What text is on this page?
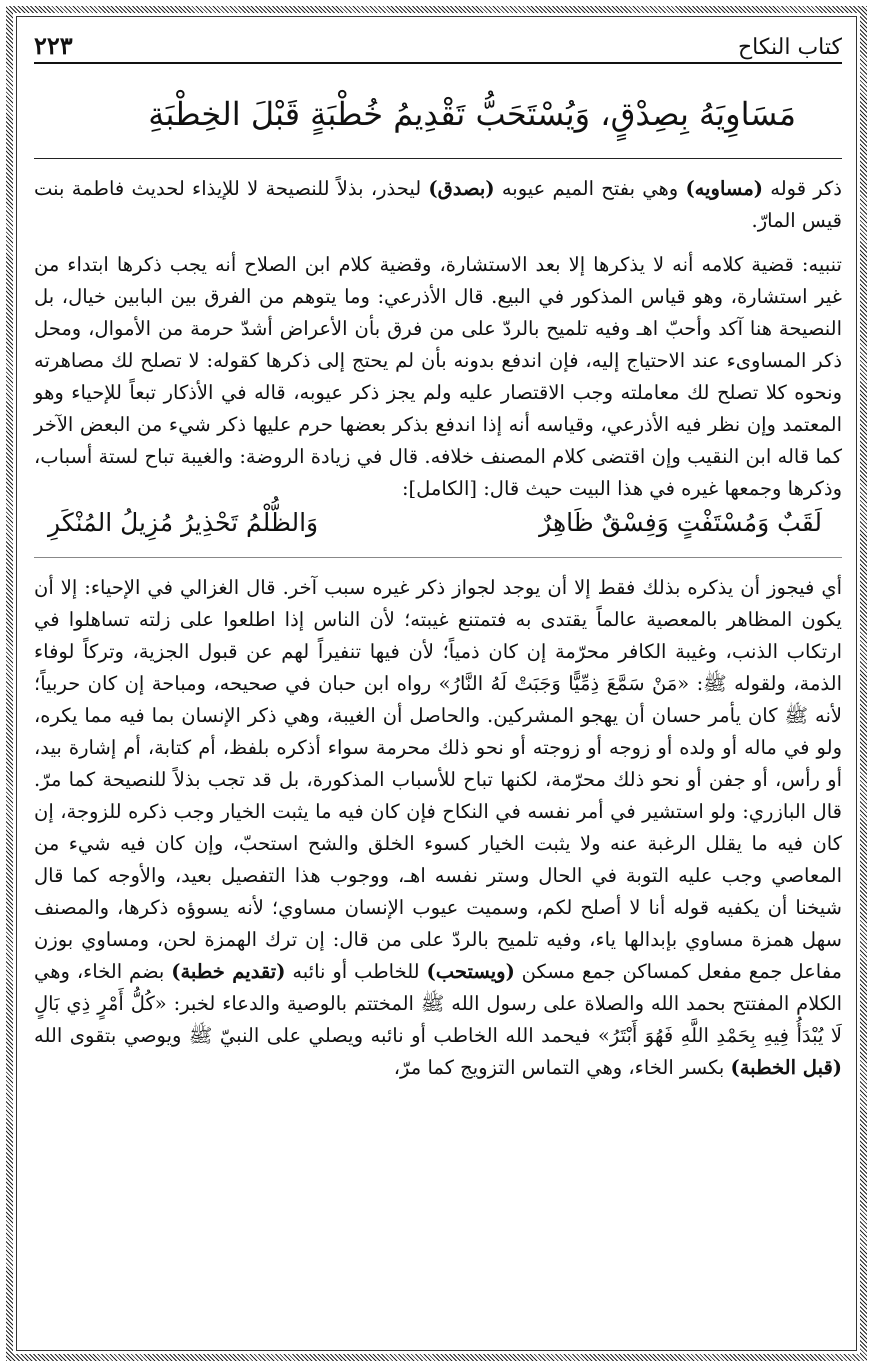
كتاب النكاح
٢٢٣
مَسَاوِيَهُ بِصِدْقٍ، وَيُسْتَحَبُّ تَقْدِيمُ خُطْبَةٍ قَبْلَ الخِطْبَةِ

ذكر قوله (مساويه) وهي بفتح الميم عيوبه (بصدق) ليحذر، بذلاً للنصيحة لا للإيذاء لحديث فاطمة بنت قيس المارّ.

تنبيه: قضية كلامه أنه لا يذكرها إلا بعد الاستشارة، وقضية كلام ابن الصلاح أنه يجب ذكرها ابتداء من غير استشارة، وهو قياس المذكور في البيع. قال الأذرعي: وما يتوهم من الفرق بين البابين خيال، بل النصيحة هنا آكد وأحبّ اهـ وفيه تلميح بالردّ على من فرق بأن الأعراض أشدّ حرمة من الأموال، ومحل ذكر المساوىء عند الاحتياج إليه، فإن اندفع بدونه بأن لم يحتج إلى ذكرها كقوله: لا تصلح لك مصاهرته ونحوه كلا تصلح لك معاملته وجب الاقتصار عليه ولم يجز ذكر عيوبه، قاله في الأذكار تبعاً للإحياء وهو المعتمد وإن نظر فيه الأذرعي، وقياسه أنه إذا اندفع بذكر بعضها حرم عليها ذكر شيء من البعض الآخر كما قاله ابن النقيب وإن اقتضى كلام المصنف خلافه. قال في زيادة الروضة: والغيبة تباح لستة أسباب، وذكرها وجمعها غيره في هذا البيت حيث قال: [الكامل]:

لَقَبٌ وَمُسْتَفْتٍ وَفِسْقٌ ظَاهِرٌ
وَالظُّلْمُ تَحْذِيرُ مُزِيلُ المُنْكَرِ

أي فيجوز أن يذكره بذلك فقط إلا أن يوجد لجواز ذكر غيره سبب آخر. قال الغزالي في الإحياء: إلا أن يكون المظاهر بالمعصية عالماً يقتدى به فتمتنع غيبته؛ لأن الناس إذا اطلعوا على زلته تساهلوا في ارتكاب الذنب، وغيبة الكافر محرّمة إن كان ذمياً؛ لأن فيها تنفيراً لهم عن قبول الجزية، وتركاً لوفاء الذمة، ولقوله ﷺ: «مَنْ سَمَّعَ ذِمِّيًّا وَجَبَتْ لَهُ النَّارُ» رواه ابن حبان في صحيحه، ومباحة إن كان حربياً؛ لأنه ﷺ كان يأمر حسان أن يهجو المشركين. والحاصل أن الغيبة، وهي ذكر الإنسان بما فيه مما يكره، ولو في ماله أو ولده أو زوجه أو زوجته أو نحو ذلك محرمة سواء أذكره بلفظ، أم كتابة، أم إشارة بيد، أو رأس، أو جفن أو نحو ذلك محرّمة، لكنها تباح للأسباب المذكورة، بل قد تجب بذلاً للنصيحة كما مرّ. قال البازري: ولو استشير في أمر نفسه في النكاح فإن كان فيه ما يثبت الخيار وجب ذكره للزوجة، إن كان فيه ما يقلل الرغبة عنه ولا يثبت الخيار كسوء الخلق والشح استحبّ، وإن كان فيه شيء من المعاصي وجب عليه التوبة في الحال وستر نفسه اهـ، ووجوب هذا التفصيل بعيد، والأوجه كما قال شيخنا أن يكفيه قوله أنا لا أصلح لكم، وسميت عيوب الإنسان مساوي؛ لأنه يسوؤه ذكرها، والمصنف سهل همزة مساوي بإبدالها ياء، وفيه تلميح بالردّ على من قال: إن ترك الهمزة لحن، ومساوي بوزن مفاعل جمع مفعل كمساكن جمع مسكن (ويستحب) للخاطب أو نائبه (تقديم خطبة) بضم الخاء، وهي الكلام المفتتح بحمد الله والصلاة على رسول الله ﷺ المختتم بالوصية والدعاء لخبر: «كُلُّ أَمْرٍ ذِي بَالٍ لَا يُبْدَأُ فِيهِ بِحَمْدِ اللَّهِ فَهُوَ أَبْتَرُ» فيحمد الله الخاطب أو نائبه ويصلي على النبيّ ﷺ ويوصي بتقوى الله (قبل الخطبة) بكسر الخاء، وهي التماس التزويج كما مرّ،
